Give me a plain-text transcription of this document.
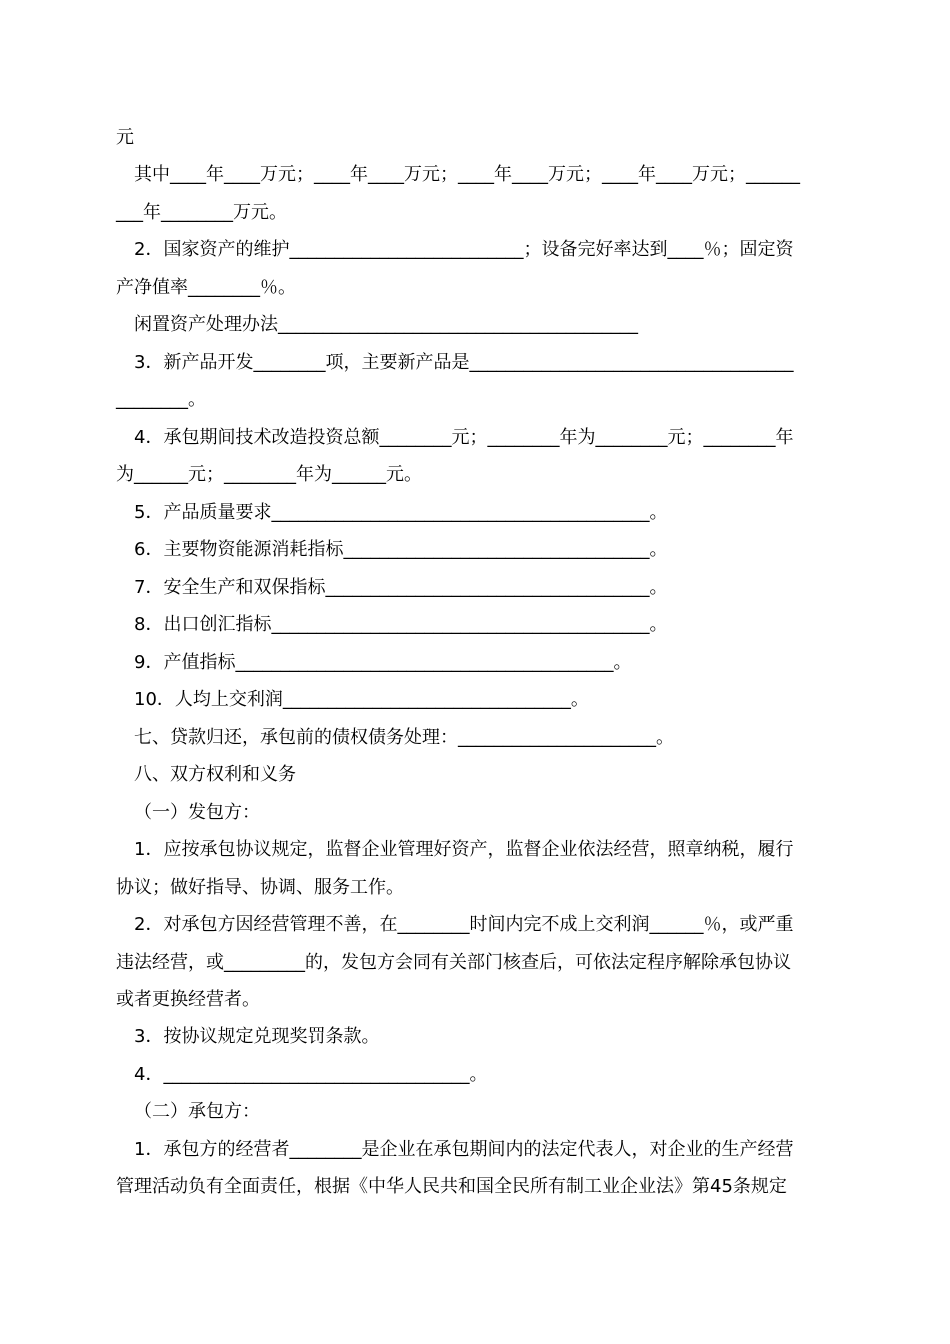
元
其中____年____万元；____年____万元；____年____万元；____年____万元；______
___年________万元。
2．国家资产的维护__________________________；设备完好率达到____％；固定资
产净值率________％。
闲置资产处理办法________________________________________
3．新产品开发________项，主要新产品是____________________________________
________。
4．承包期间技术改造投资总额________元；________年为________元；________年
为______元；________年为______元。
5．产品质量要求__________________________________________。
6．主要物资能源消耗指标__________________________________。
7．安全生产和双保指标____________________________________。
8．出口创汇指标__________________________________________。
9．产值指标__________________________________________。
10．人均上交利润________________________________。
七、贷款归还，承包前的债权债务处理：______________________。
八、双方权利和义务
（一）发包方：
1．应按承包协议规定，监督企业管理好资产，监督企业依法经营，照章纳税，履行
协议；做好指导、协调、服务工作。
2．对承包方因经营管理不善，在________时间内完不成上交利润______％，或严重
违法经营，或_________的，发包方会同有关部门核查后，可依法定程序解除承包协议
或者更换经营者。
3．按协议规定兑现奖罚条款。
4．__________________________________。
（二）承包方：
1．承包方的经营者________是企业在承包期间内的法定代表人，对企业的生产经营
管理活动负有全面责任，根据《中华人民共和国全民所有制工业企业法》第45条规定
